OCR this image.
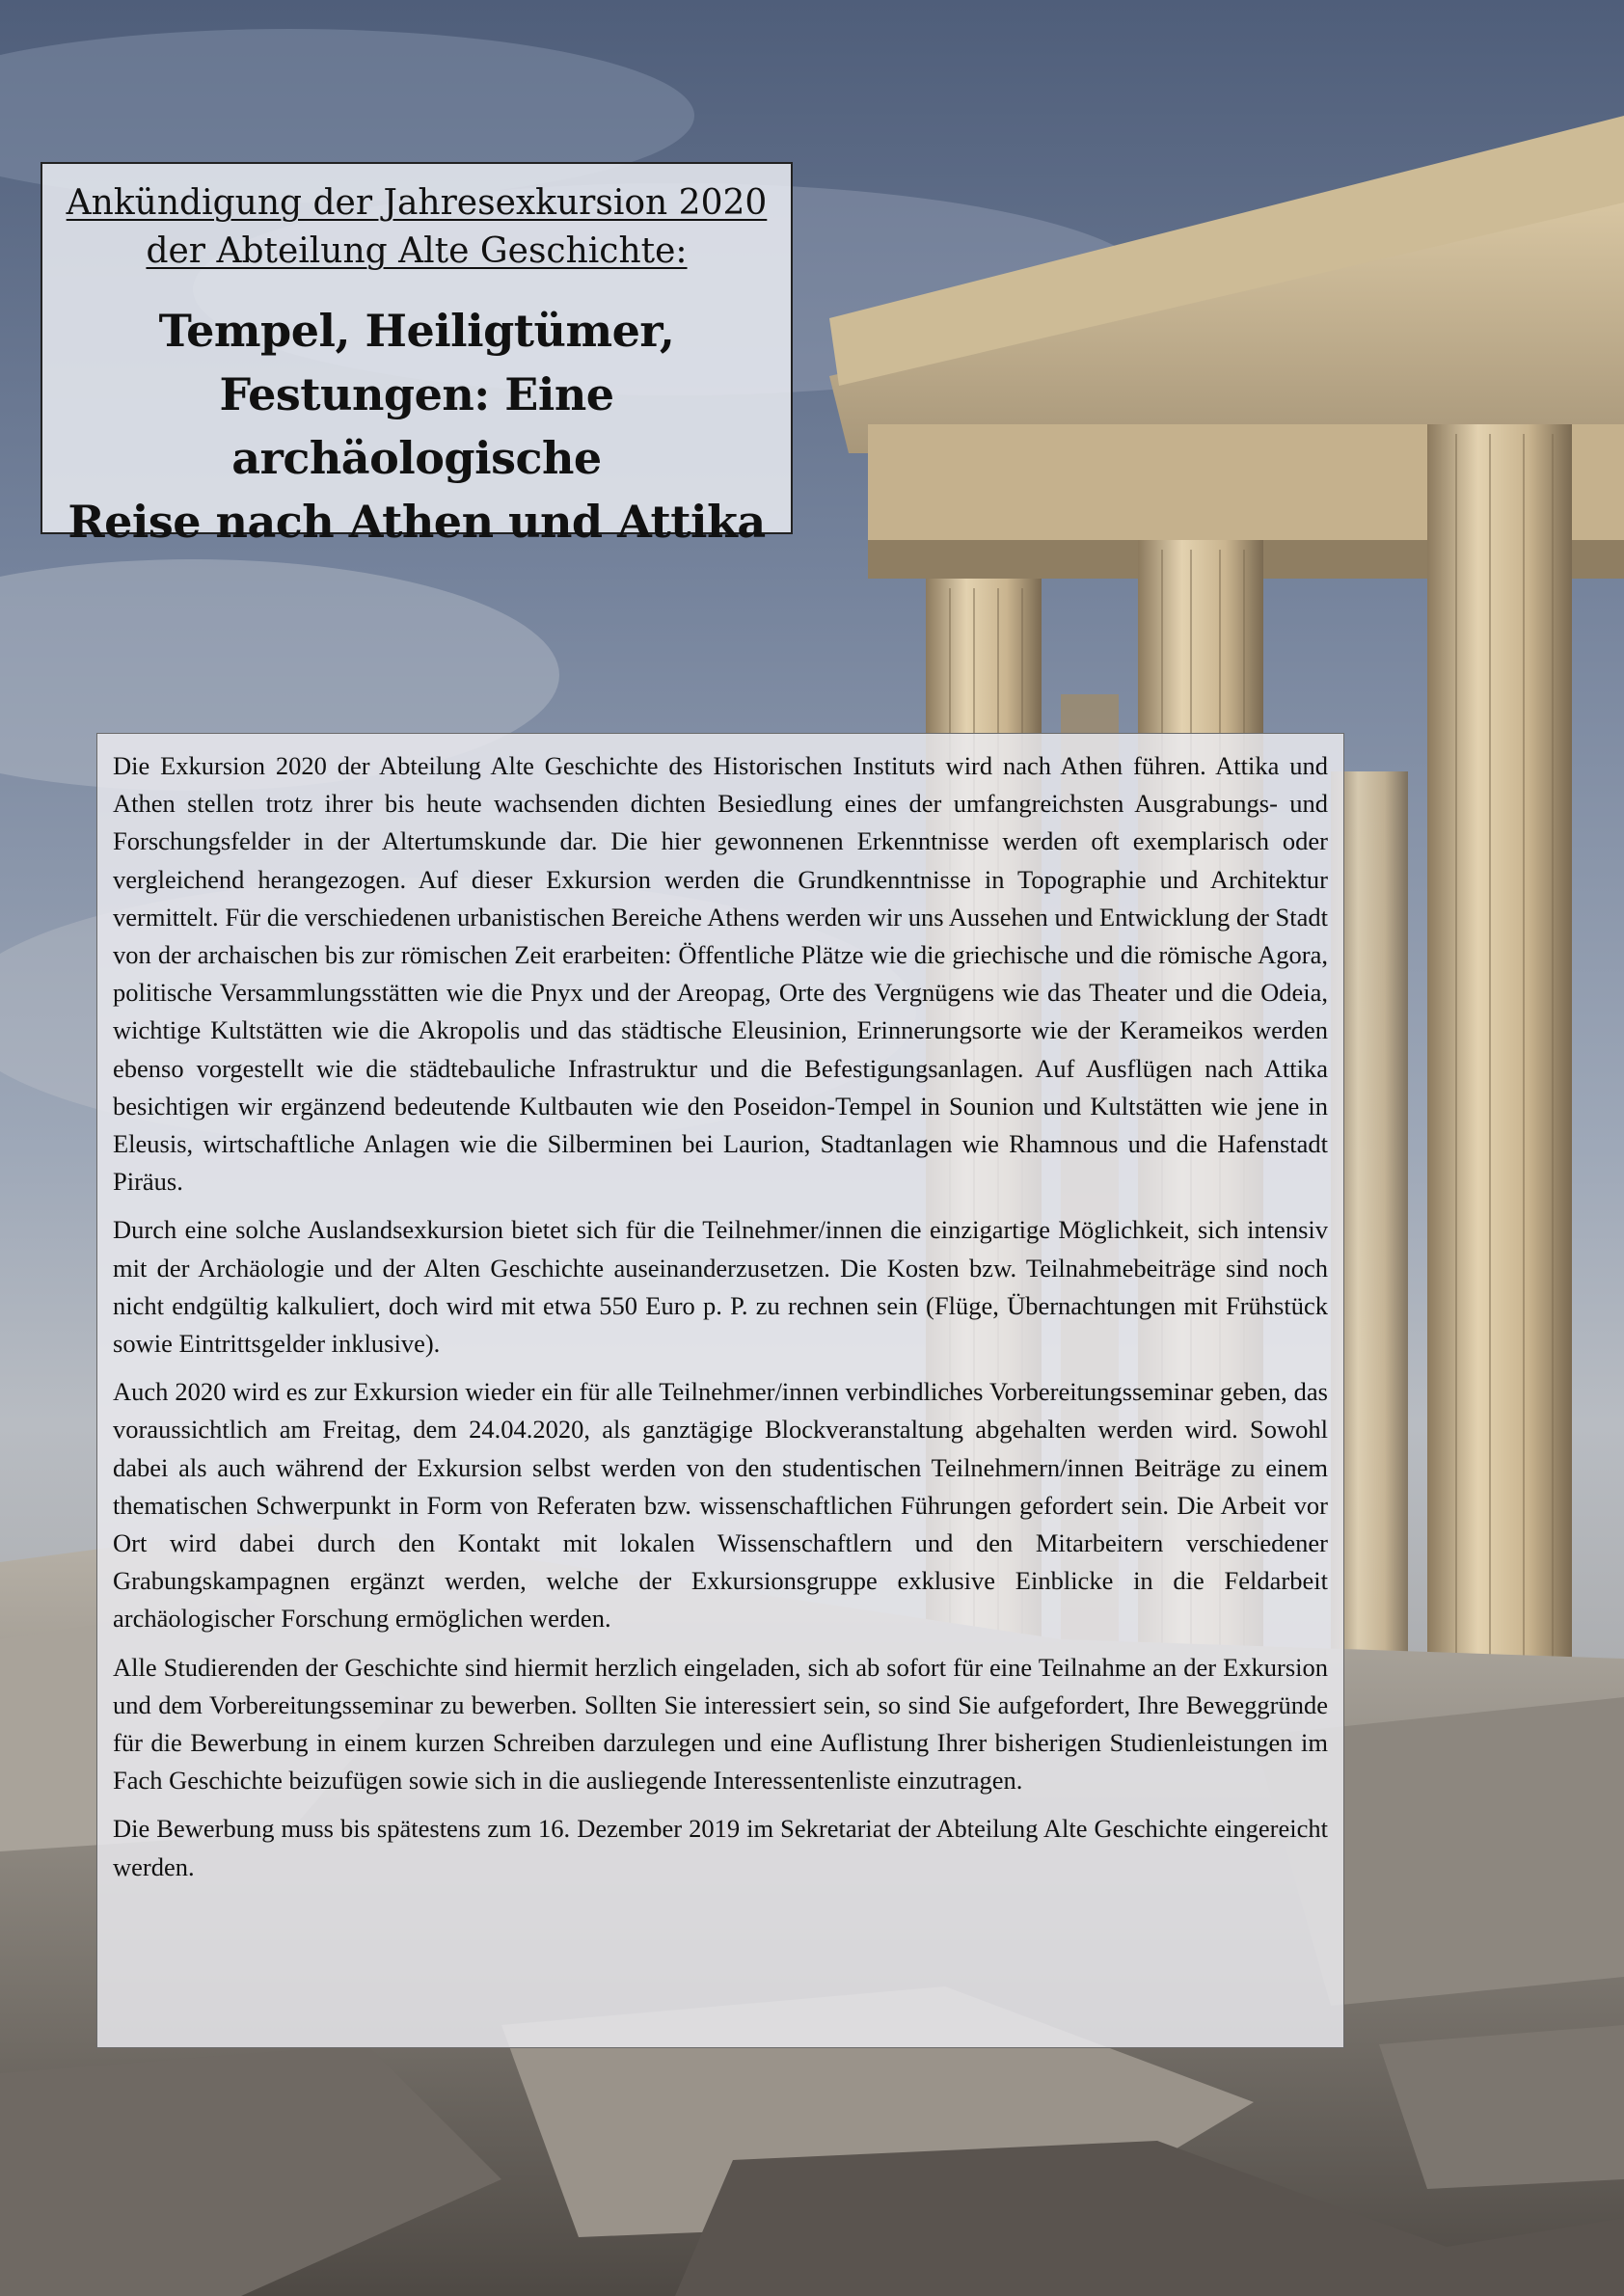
Ankündigung der Jahresexkursion 2020
der Abteilung Alte Geschichte:
Tempel, Heiligtümer,
Festungen: Eine archäologische
Reise nach Athen und Attika

Die Exkursion 2020 der Abteilung Alte Geschichte des Historischen Instituts wird nach Athen führen. Attika und Athen stellen trotz ihrer bis heute wachsenden dichten Besiedlung eines der umfangreichsten Ausgrabungs- und Forschungsfelder in der Altertumskunde dar. Die hier gewonnenen Erkenntnisse werden oft exemplarisch oder vergleichend herangezogen. Auf dieser Exkursion werden die Grundkenntnisse in Topographie und Architektur vermittelt. Für die verschiedenen urbanistischen Bereiche Athens werden wir uns Aussehen und Entwicklung der Stadt von der archaischen bis zur römischen Zeit erarbeiten: Öffentliche Plätze wie die griechische und die römische Agora, politische Versammlungsstätten wie die Pnyx und der Areopag, Orte des Vergnügens wie das Theater und die Odeia, wichtige Kultstätten wie die Akropolis und das städtische Eleusinion, Erinnerungsorte wie der Kerameikos werden ebenso vorgestellt wie die städtebauliche Infrastruktur und die Befestigungsanlagen. Auf Ausflügen nach Attika besichtigen wir ergänzend bedeutende Kultbauten wie den Poseidon-Tempel in Sounion und Kultstätten wie jene in Eleusis, wirtschaftliche Anlagen wie die Silberminen bei Laurion, Stadtanlagen wie Rhamnous und die Hafenstadt Piräus.

Durch eine solche Auslandsexkursion bietet sich für die Teilnehmer/innen die einzigartige Möglichkeit, sich intensiv mit der Archäologie und der Alten Geschichte auseinanderzusetzen. Die Kosten bzw. Teilnahmebeiträge sind noch nicht endgültig kalkuliert, doch wird mit etwa 550 Euro p. P. zu rechnen sein (Flüge, Übernachtungen mit Frühstück sowie Eintrittsgelder inklusive).

Auch 2020 wird es zur Exkursion wieder ein für alle Teilnehmer/innen verbindliches Vorbereitungsseminar geben, das voraussichtlich am Freitag, dem 24.04.2020, als ganztägige Blockveranstaltung abgehalten werden wird. Sowohl dabei als auch während der Exkursion selbst werden von den studentischen Teilnehmern/innen Beiträge zu einem thematischen Schwerpunkt in Form von Referaten bzw. wissenschaftlichen Führungen gefordert sein. Die Arbeit vor Ort wird dabei durch den Kontakt mit lokalen Wissenschaftlern und den Mitarbeitern verschiedener Grabungskampagnen ergänzt werden, welche der Exkursionsgruppe exklusive Einblicke in die Feldarbeit archäologischer Forschung ermöglichen werden.

Alle Studierenden der Geschichte sind hiermit herzlich eingeladen, sich ab sofort für eine Teilnahme an der Exkursion und dem Vorbereitungsseminar zu bewerben. Sollten Sie interessiert sein, so sind Sie aufgefordert, Ihre Beweggründe für die Bewerbung in einem kurzen Schreiben darzulegen und eine Auflistung Ihrer bisherigen Studienleistungen im Fach Geschichte beizufügen sowie sich in die ausliegende Interessentenliste einzutragen.

Die Bewerbung muss bis spätestens zum 16. Dezember 2019 im Sekretariat der Abteilung Alte Geschichte eingereicht werden.
